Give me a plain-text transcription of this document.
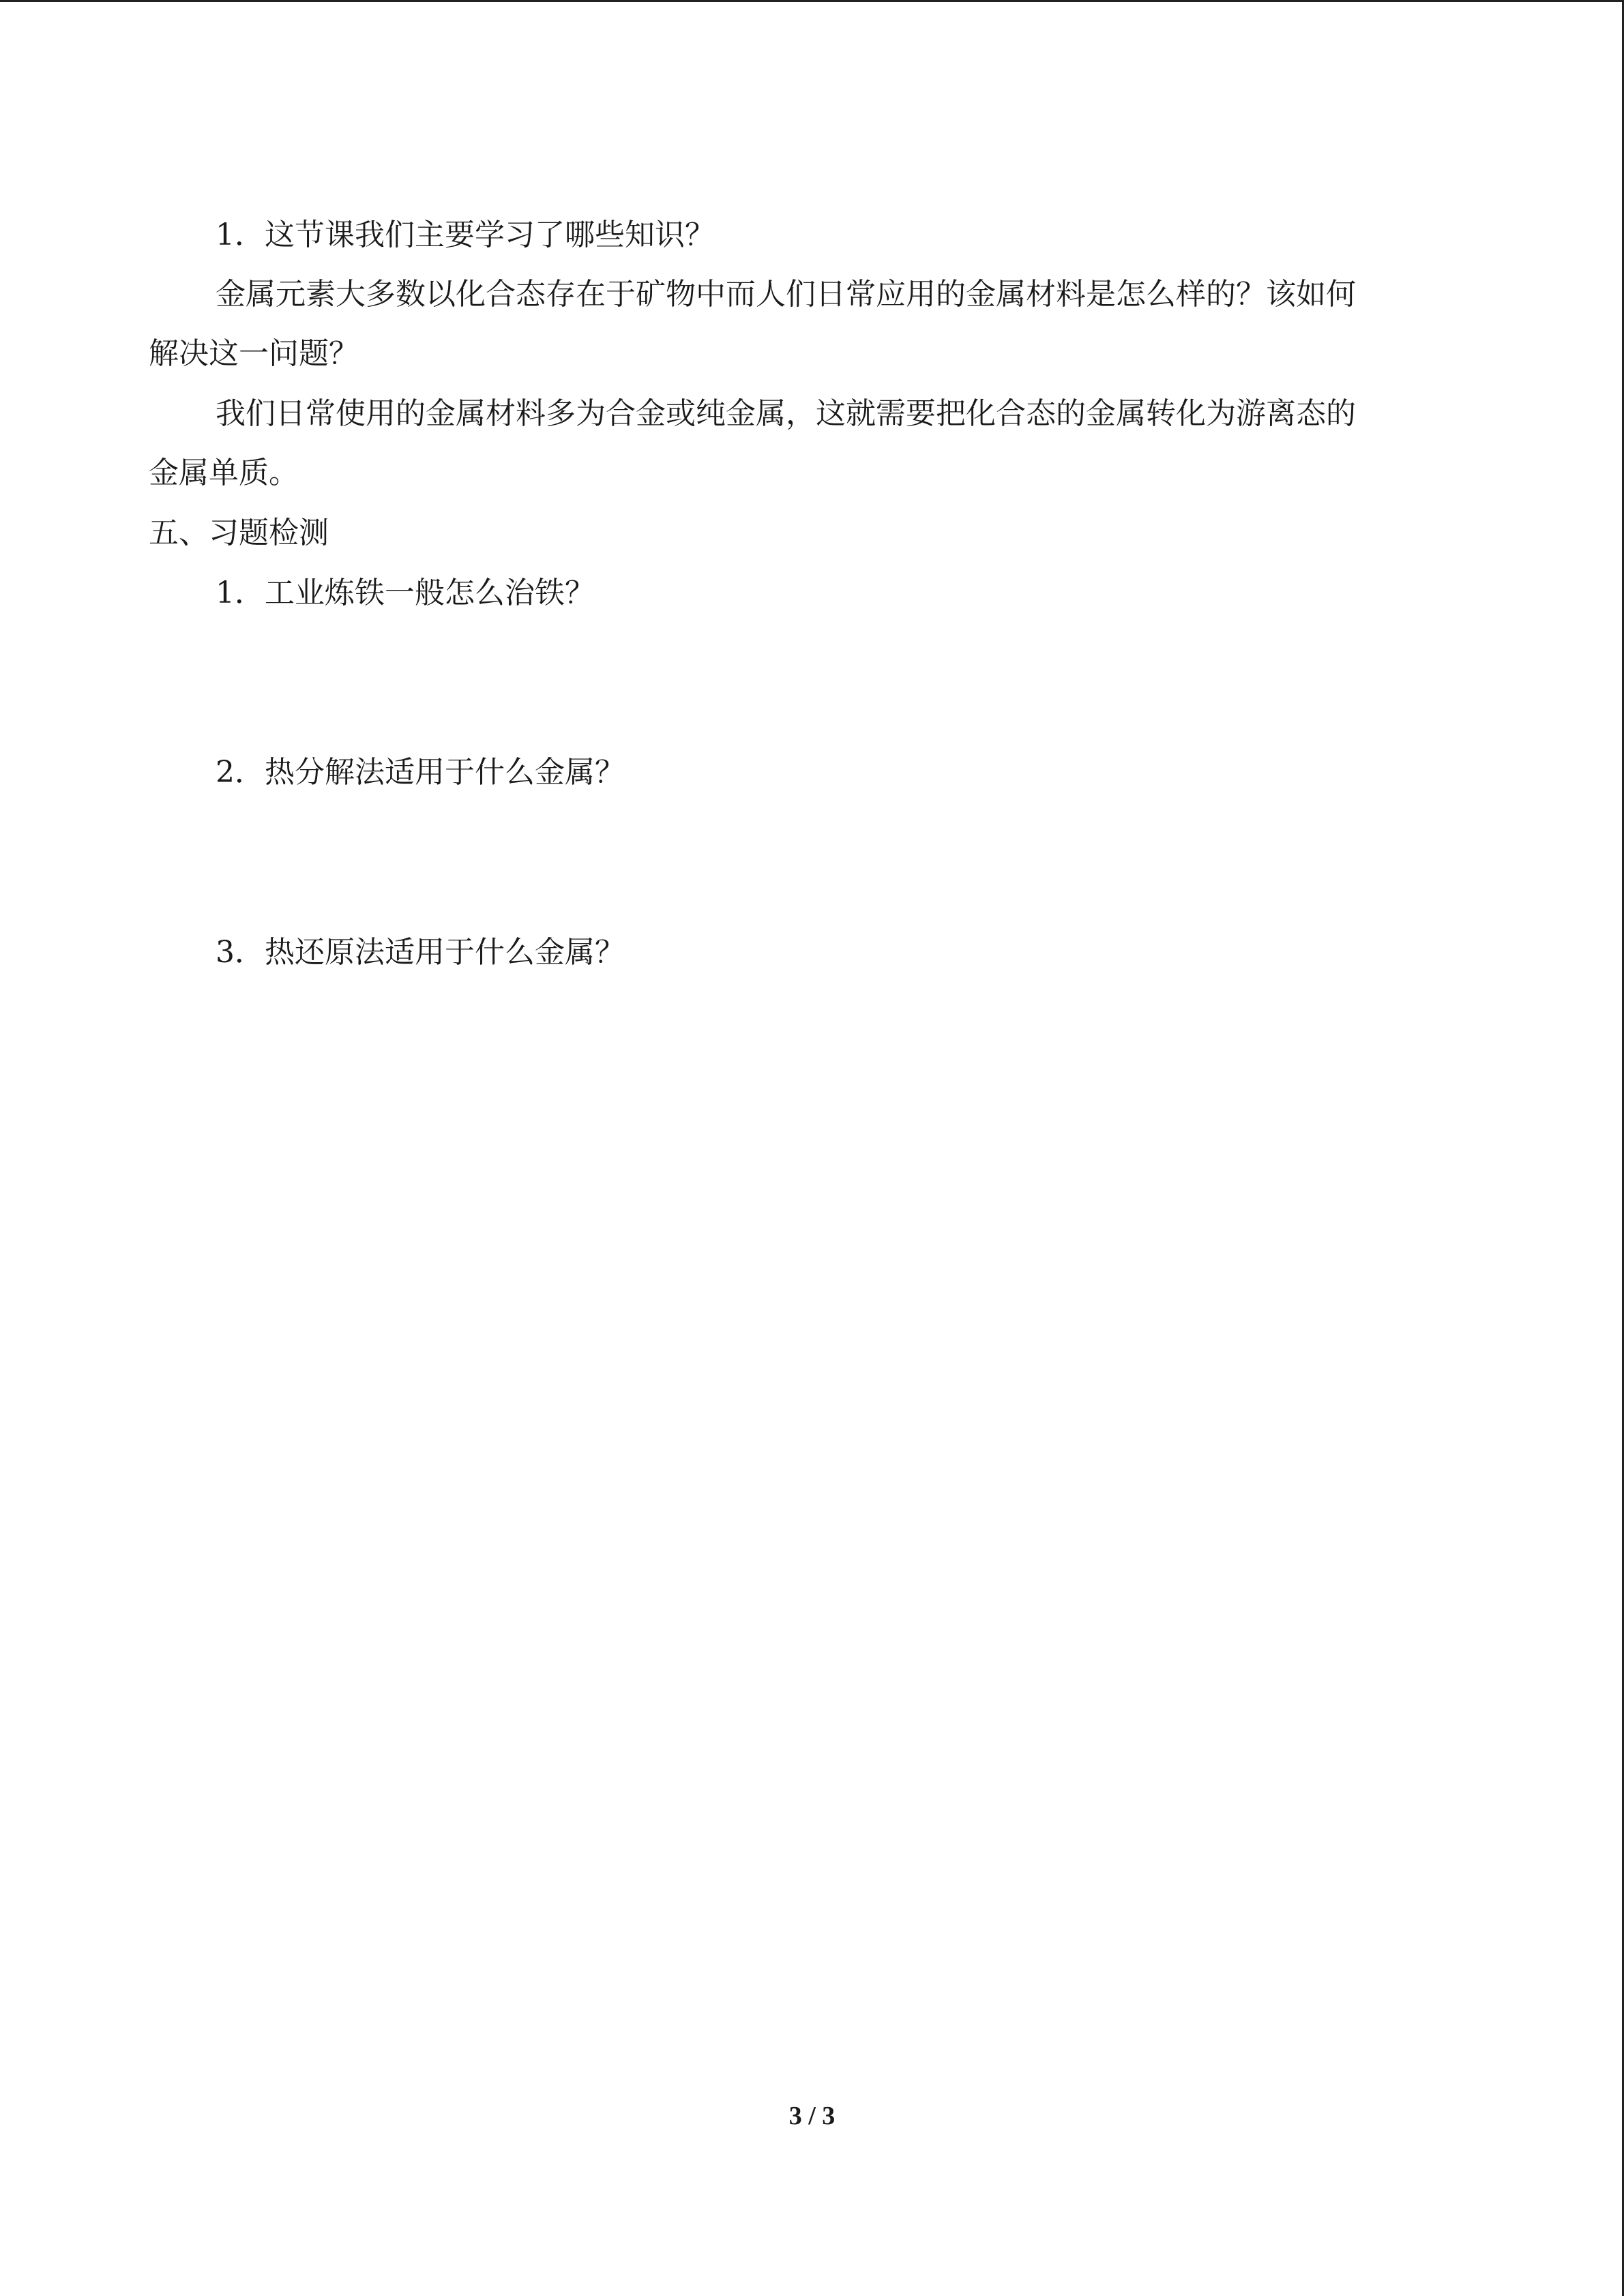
1．这节课我们主要学习了哪些知识？
金属元素大多数以化合态存在于矿物中而人们日常应用的金属材料是怎么样的？该如何
解决这一问题？
我们日常使用的金属材料多为合金或纯金属，这就需要把化合态的金属转化为游离态的
金属单质。
五、习题检测
1．工业炼铁一般怎么治铁？
2．热分解法适用于什么金属？
3．热还原法适用于什么金属？
3 / 3
